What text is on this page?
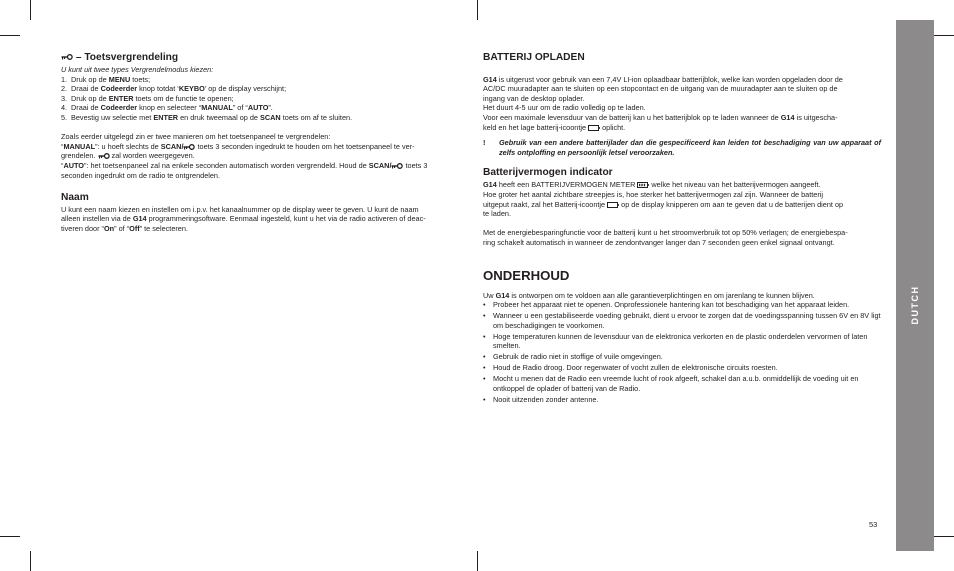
– Toetsvergrendeling
U kunt uit twee types Vergrendelmodus kiezen:
1. Druk op de MENU toets;
2. Draai de Codeerder knop totdat ‘KEYBO’ op de display verschijnt;
3. Druk op de ENTER toets om de functie te openen;
4. Draai de Codeerder knop en selecteer “MANUAL” of “AUTO”.
5. Bevestig uw selectie met ENTER en druk tweemaal op de SCAN toets om af te sluiten.
Zoals eerder uitgelegd zin er twee manieren om het toetsenpaneel te vergrendelen:
“MANUAL”: u hoeft slechts de SCAN/
toets 3 seconden ingedrukt te houden om het toetsenpaneel te ver-
grendelen.
zal worden weergegeven.
“AUTO”: het toetsenpaneel zal na enkele seconden automatisch worden vergrendeld. Houd de SCAN/
toets 3
seconden ingedrukt om de radio te ontgrendelen.
Naam
U kunt een naam kiezen en instellen om i.p.v. het kanaalnummer op de display weer te geven. U kunt de naam
alleen instellen via de G14 programmeringsoftware. Eenmaal ingesteld, kunt u het via de radio activeren of deac-
tiveren door “On” of “Off” te selecteren.
BATTERIJ OPLADEN
G14 is uitgerust voor gebruik van een 7,4V LI-ion oplaadbaar batterijblok, welke kan worden opgeladen door de
AC/DC muuradapter aan te sluiten op een stopcontact en de uitgang van de muuradapter aan te sluiten op de
ingang van de desktop oplader.
Het duurt 4-5 uur om de radio volledig op te laden.
Voor een maximale levensduur van de batterij kan u het batterijblok op te laden wanneer de G14 is uitgescha-
keld en het lage batterij-icoontje
oplicht.
! Gebruik van een andere batterijlader dan die gespecificeerd kan leiden tot beschadiging van uw apparaat of zelfs ontploffing en persoonlijk letsel veroorzaken.
Batterijvermogen indicator
G14 heeft een BATTERIJVERMOGEN METER
welke het niveau van het batterijvermogen aangeeft.
Hoe groter het aantal zichtbare streepjes is, hoe sterker het batterijvermogen zal zijn. Wanneer de batterij
uitgeput raakt, zal het Batterij-icoontje
op de display knipperen om aan te geven dat u de batterijen dient op
te laden.
Met de energiebesparingfunctie voor de batterij kunt u het stroomverbruik tot op 50% verlagen; de energiebespa-
ring schakelt automatisch in wanneer de zendontvanger langer dan 7 seconden geen enkel signaal ontvangt.
ONDERHOUD
Uw G14 is ontworpen om te voldoen aan alle garantieverplichtingen en om jarenlang te kunnen blijven.
• Probeer het apparaat niet te openen. Onprofessionele hantering kan tot beschadiging van het apparaat leiden.
• Wanneer u een gestabiliseerde voeding gebruikt, dient u ervoor te zorgen dat de voedingsspanning tussen 6V en 8V ligt om beschadigingen te voorkomen.
• Hoge temperaturen kunnen de levensduur van de elektronica verkorten en de plastic onderdelen vervormen of laten smelten.
• Gebruik de radio niet in stoffige of vuile omgevingen.
• Houd de Radio droog. Door regenwater of vocht zullen de elektronische circuits roesten.
• Mocht u menen dat de Radio een vreemde lucht of rook afgeeft, schakel dan a.u.b. onmiddellijk de voeding uit en ontkoppel de oplader of batterij van de Radio.
• Nooit uitzenden zonder antenne.
DUTCH
53
